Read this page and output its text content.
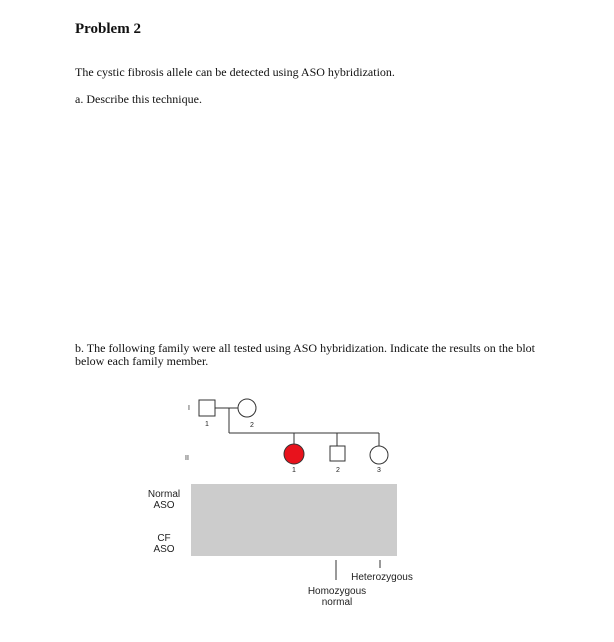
Problem 2
The cystic fibrosis allele can be detected using ASO hybridization.
a. Describe this technique.
b. The following family were all tested using ASO hybridization. Indicate the results on the blot below each family member.
I
1	2
II
1	2	3
Normal
ASO
CF
ASO
Heterozygous
Homozygous normal
